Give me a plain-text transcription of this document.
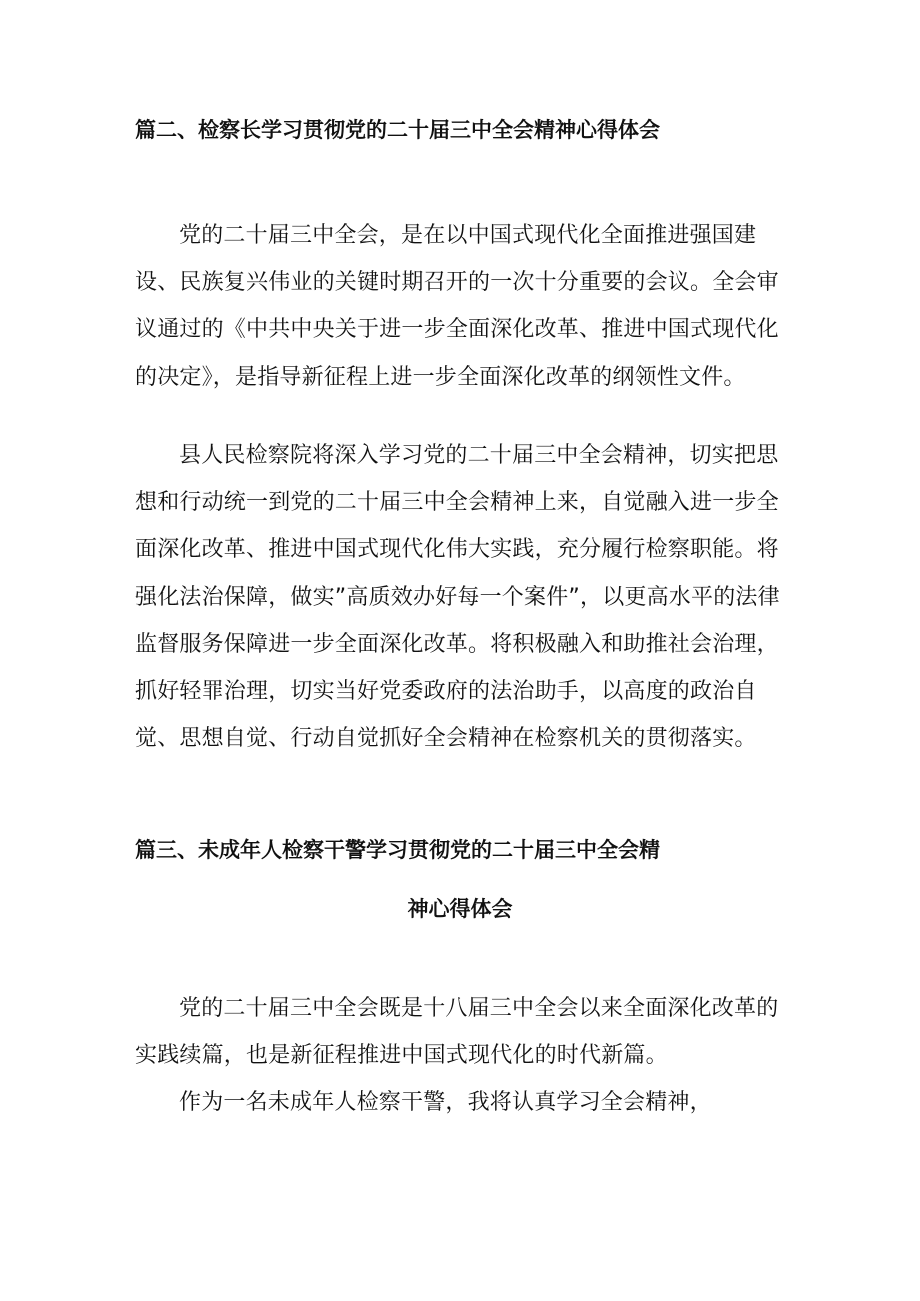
篇二、检察长学习贯彻党的二十届三中全会精神心得体会

党的二十届三中全会，是在以中国式现代化全面推进强国建设、民族复兴伟业的关键时期召开的一次十分重要的会议。全会审议通过的《中共中央关于进一步全面深化改革、推进中国式现代化的决定》，是指导新征程上进一步全面深化改革的纲领性文件。

县人民检察院将深入学习党的二十届三中全会精神，切实把思想和行动统一到党的二十届三中全会精神上来，自觉融入进一步全面深化改革、推进中国式现代化伟大实践，充分履行检察职能。将强化法治保障，做实”高质效办好每一个案件”，以更高水平的法律监督服务保障进一步全面深化改革。将积极融入和助推社会治理，抓好轻罪治理，切实当好党委政府的法治助手，以高度的政治自觉、思想自觉、行动自觉抓好全会精神在检察机关的贯彻落实。

篇三、未成年人检察干警学习贯彻党的二十届三中全会精
神心得体会

党的二十届三中全会既是十八届三中全会以来全面深化改革的实践续篇，也是新征程推进中国式现代化的时代新篇。

作为一名未成年人检察干警，我将认真学习全会精神，
